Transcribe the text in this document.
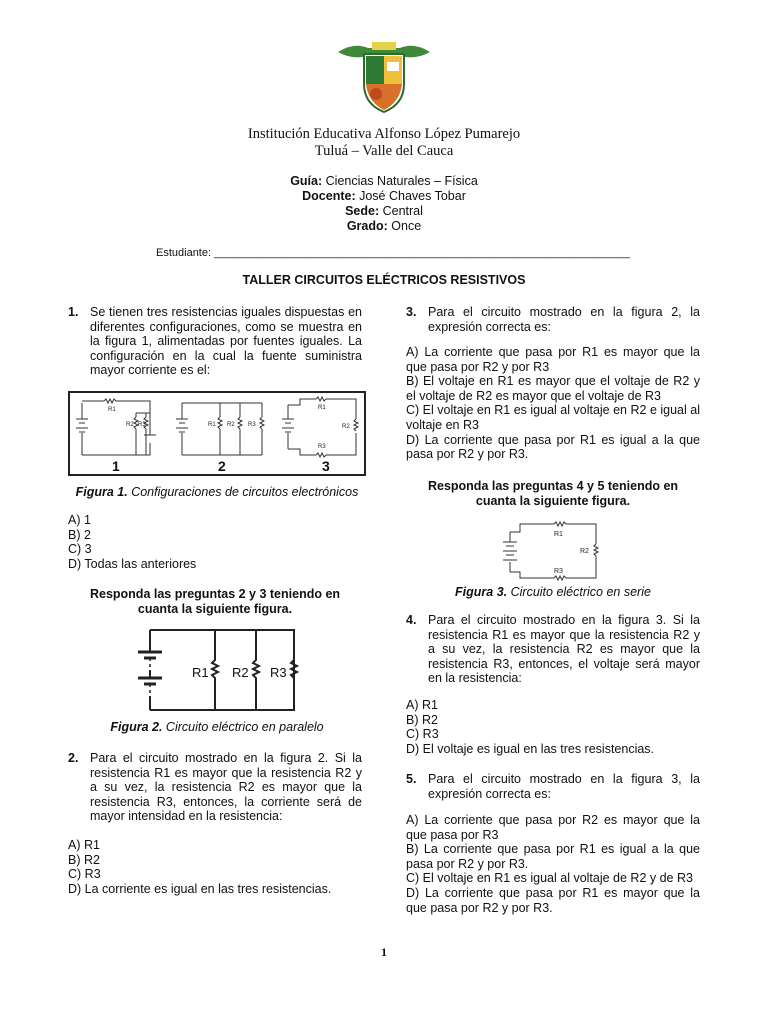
Institución Educativa Alfonso López Pumarejo
Tuluá – Valle del Cauca
Guía: Ciencias Naturales – Física
Docente: José Chaves Tobar
Sede: Central
Grado: Once
Estudiante: ____________________________________________________________________
TALLER CIRCUITOS ELÉCTRICOS RESISTIVOS
1. Se tienen tres resistencias iguales dispuestas en diferentes configuraciones, como se muestra en la figura 1, alimentadas por fuentes iguales. La configuración en la cual la fuente suministra mayor corriente es el:
R1
R2 R3	R1 R2 R3
R1
R2
R3
1	2	3
Figura 1. Configuraciones de circuitos electrónicos
A) 1
B) 2
C) 3
D) Todas las anteriores
Responda las preguntas 2 y 3 teniendo en cuanta la siguiente figura.
R1 R2 R3
Figura 2. Circuito eléctrico en paralelo
2. Para el circuito mostrado en la figura 2. Si la resistencia R1 es mayor que la resistencia R2 y a su vez, la resistencia R2 es mayor que la resistencia R3, entonces, la corriente será de mayor intensidad en la resistencia:
A) R1
B) R2
C) R3
D) La corriente es igual en las tres resistencias.
3. Para el circuito mostrado en la figura 2, la expresión correcta es:
A) La corriente que pasa por R1 es mayor que la que pasa por R2 y por R3
B) El voltaje en R1 es mayor que el voltaje de R2 y el voltaje de R2 es mayor que el voltaje de R3
C) El voltaje en R1 es igual al voltaje en R2 e igual al voltaje en R3
D) La corriente que pasa por R1 es igual a la que pasa por R2 y por R3.
Responda las preguntas 4 y 5 teniendo en cuanta la siguiente figura.
R1
R2
R3
Figura 3. Circuito eléctrico en serie
4. Para el circuito mostrado en la figura 3. Si la resistencia R1 es mayor que la resistencia R2 y a su vez, la resistencia R2 es mayor que la resistencia R3, entonces, el voltaje será mayor en la resistencia:
A) R1
B) R2
C) R3
D) El voltaje es igual en las tres resistencias.
5. Para el circuito mostrado en la figura 3, la expresión correcta es:
A) La corriente que pasa por R2 es mayor que la que pasa por R3
B) La corriente que pasa por R1 es igual a la que pasa por R2 y por R3.
C) El voltaje en R1 es igual al voltaje de R2 y de R3
D) La corriente que pasa por R1 es mayor que la que pasa por R2 y por R3.
1
